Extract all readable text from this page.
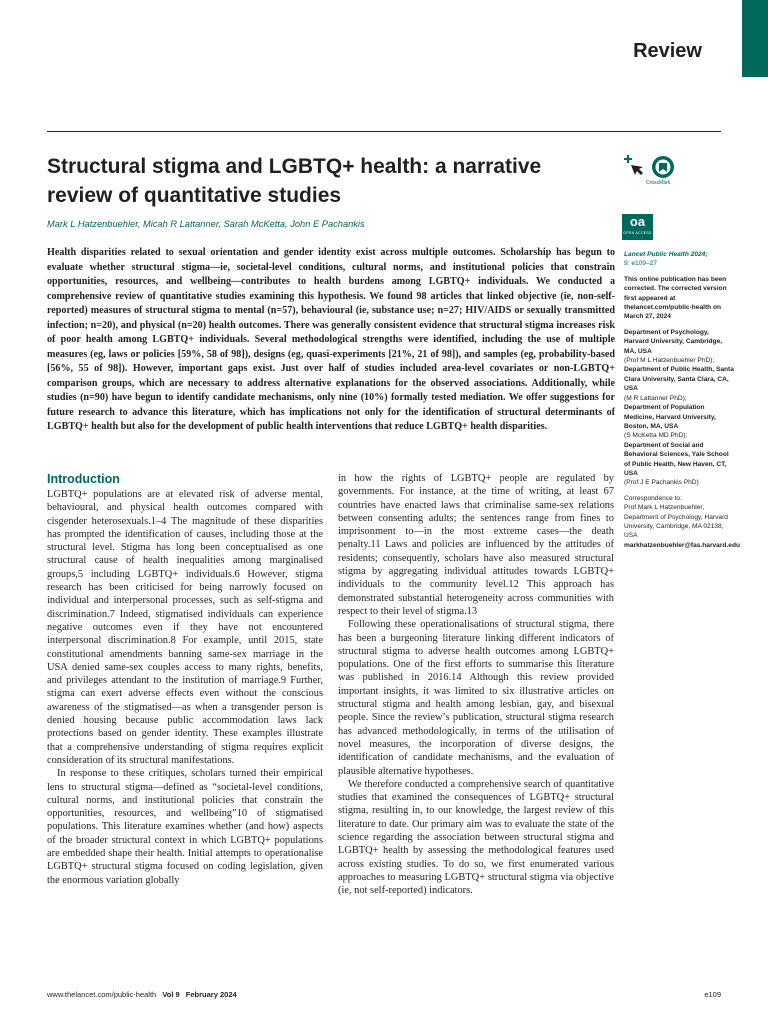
Review
Structural stigma and LGBTQ+ health: a narrative review of quantitative studies
Mark L Hatzenbuehler, Micah R Lattanner, Sarah McKetta, John E Pachankis

Health disparities related to sexual orientation and gender identity exist across multiple outcomes. Scholarship has begun to evaluate whether structural stigma—ie, societal-level conditions, cultural norms, and institutional policies that constrain opportunities, resources, and wellbeing—contributes to health burdens among LGBTQ+ individuals. We conducted a comprehensive review of quantitative studies examining this hypothesis. We found 98 articles that linked objective (ie, non-self-reported) measures of structural stigma to mental (n=57), behavioural (ie, substance use; n=27; HIV/AIDS or sexually transmitted infection; n=20), and physical (n=20) health outcomes. There was generally consistent evidence that structural stigma increases risk of poor health among LGBTQ+ individuals. Several methodological strengths were identified, including the use of multiple measures (eg, laws or policies [59%, 58 of 98]), designs (eg, quasi-experiments [21%, 21 of 98]), and samples (eg, probability-based [56%, 55 of 98]). However, important gaps exist. Just over half of studies included area-level covariates or non-LGBTQ+ comparison groups, which are necessary to address alternative explanations for the observed associations. Additionally, while studies (n=90) have begun to identify candidate mechanisms, only nine (10%) formally tested mediation. We offer suggestions for future research to advance this literature, which has implications not only for the identification of structural determinants of LGBTQ+ health but also for the development of public health interventions that reduce LGBTQ+ health disparities.

CrossMark
oa
OPEN ACCESS

Lancet Public Health 2024;
9: e109–27

This online publication has been corrected. The corrected version first appeared at thelancet.com/public-health on March 27, 2024

Department of Psychology, Harvard University, Cambridge, MA, USA
(Prof M L Hatzenbuehler PhD);
Department of Public Health, Santa Clara University, Santa Clara, CA, USA
(M R Lattanner PhD);
Department of Population Medicine, Harvard University, Boston, MA, USA
(S McKetta MD PhD);
Department of Social and Behavioral Sciences, Yale School of Public Health, New Haven, CT, USA
(Prof J E Pachankis PhD)

Correspondence to:
Prof Mark L Hatzenbuehler, Department of Psychology, Harvard University, Cambridge, MA 02138, USA
markhatzenbuehler@fas.harvard.edu

Introduction

LGBTQ+ populations are at elevated risk of adverse mental, behavioural, and physical health outcomes compared with cisgender heterosexuals.1–4 The magnitude of these disparities has prompted the identification of causes, including those at the structural level. Stigma has long been conceptualised as one structural cause of health inequalities among marginalised groups,5 including LGBTQ+ individuals.6 However, stigma research has been criticised for being narrowly focused on individual and interpersonal processes, such as self-stigma and discrimination.7 Indeed, stigmatised individuals can experience negative outcomes even if they have not encountered interpersonal discrimination.8 For example, until 2015, state constitutional amendments banning same-sex marriage in the USA denied same-sex couples access to many rights, benefits, and privileges attendant to the institution of marriage.9 Further, stigma can exert adverse effects even without the conscious awareness of the stigmatised—as when a transgender person is denied housing because public accommodation laws lack protections based on gender identity. These examples illustrate that a comprehensive understanding of stigma requires explicit consideration of its structural manifestations.

In response to these critiques, scholars turned their empirical lens to structural stigma—defined as “societal-level conditions, cultural norms, and institutional policies that constrain the opportunities, resources, and wellbeing”10 of stigmatised populations. This literature examines whether (and how) aspects of the broader structural context in which LGBTQ+ populations are embedded shape their health. Initial attempts to operationalise LGBTQ+ structural stigma focused on coding legislation, given the enormous variation globally

in how the rights of LGBTQ+ people are regulated by governments. For instance, at the time of writing, at least 67 countries have enacted laws that criminalise same-sex relations between consenting adults; the sentences range from fines to imprisonment to—in the most extreme cases—the death penalty.11 Laws and policies are influenced by the attitudes of residents; consequently, scholars have also measured structural stigma by aggregating individual attitudes towards LGBTQ+ individuals to the community level.12 This approach has demonstrated substantial heterogeneity across communities with respect to their level of stigma.13

Following these operationalisations of structural stigma, there has been a burgeoning literature linking different indicators of structural stigma to adverse health outcomes among LGBTQ+ populations. One of the first efforts to summarise this literature was published in 2016.14 Although this review provided important insights, it was limited to six illustrative articles on structural stigma and health among lesbian, gay, and bisexual people. Since the review’s publication, structural stigma research has advanced methodologically, in terms of the utilisation of novel measures, the incorporation of diverse designs, the identification of candidate mechanisms, and the evaluation of plausible alternative hypotheses.

We therefore conducted a comprehensive search of quantitative studies that examined the consequences of LGBTQ+ structural stigma, resulting in, to our knowledge, the largest review of this literature to date. Our primary aim was to evaluate the state of the science regarding the association between structural stigma and LGBTQ+ health by assessing the methodological features used across existing studies. To do so, we first enumerated various approaches to measuring LGBTQ+ structural stigma via objective (ie, not self-reported) indicators.

www.thelancet.com/public-health Vol 9 February 2024	e109
